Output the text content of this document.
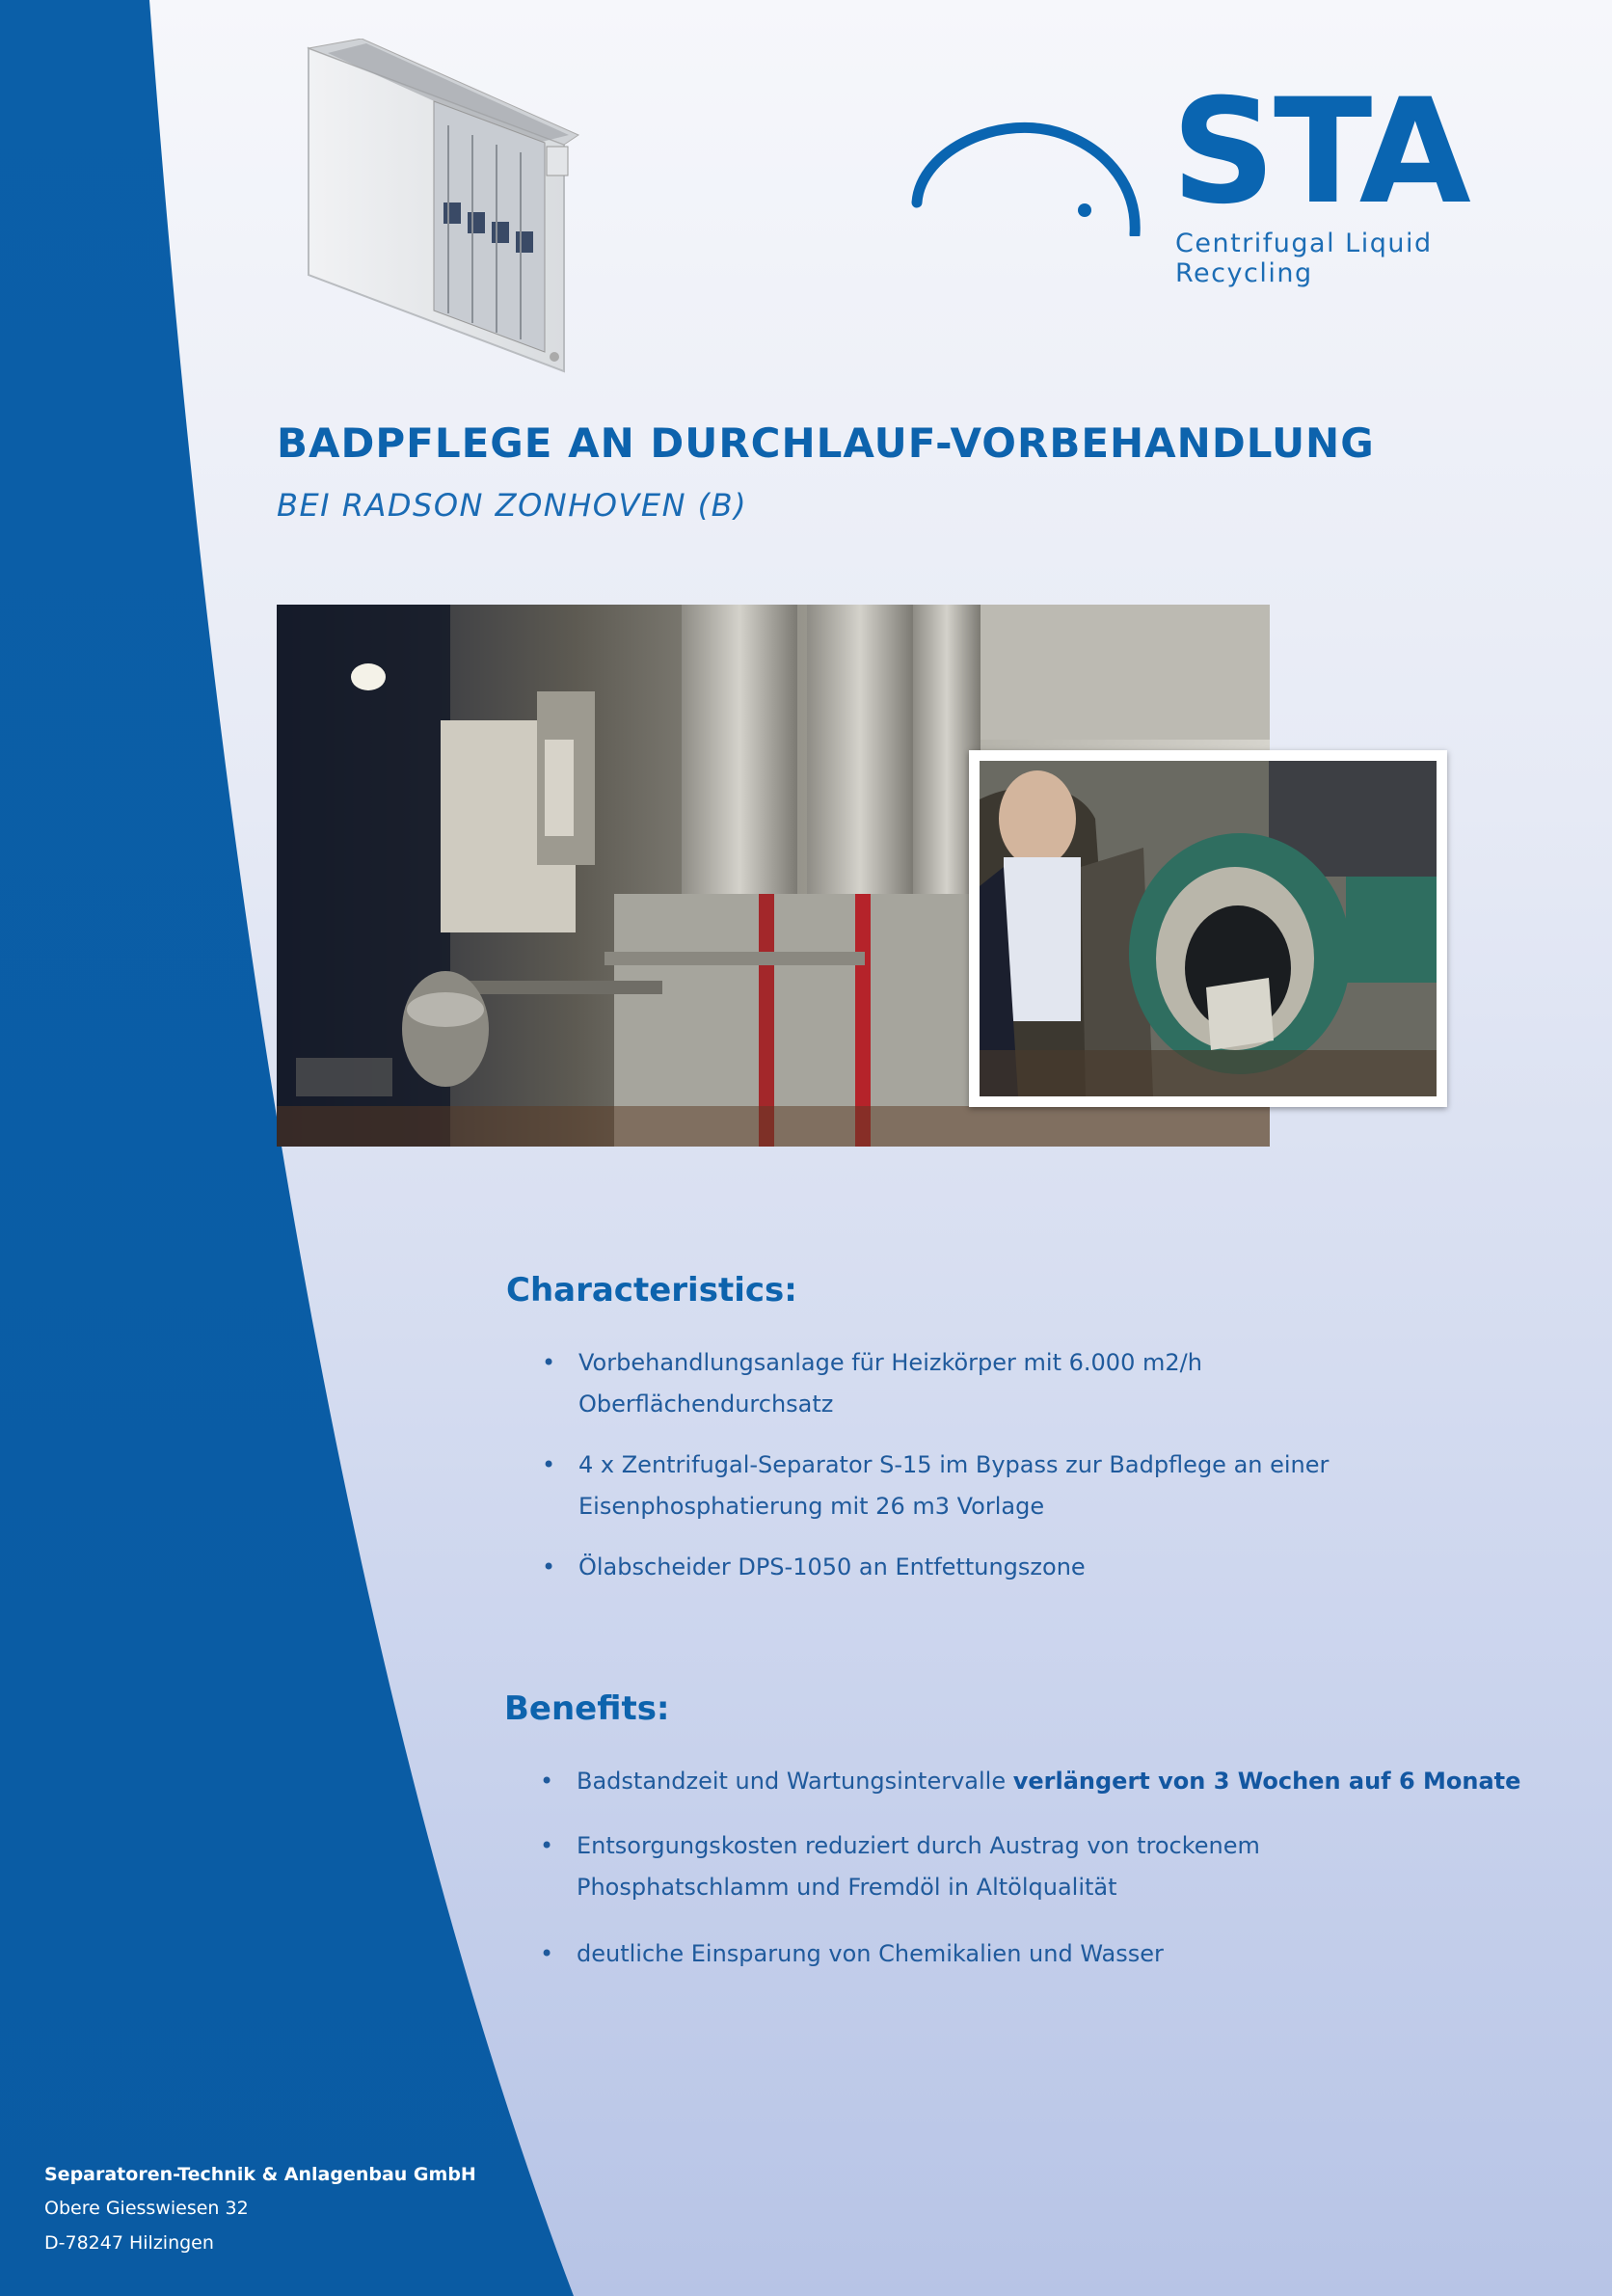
STA
Centrifugal Liquid Recycling
BADPFLEGE AN DURCHLAUF-VORBEHANDLUNG
BEI RADSON ZONHOVEN (B)
Characteristics:
• Vorbehandlungsanlage für Heizkörper mit 6.000 m2/h
Oberflächendurchsatz
• 4 x Zentrifugal-Separator S-15 im Bypass zur Badpflege an einer
Eisenphosphatierung mit 26 m3 Vorlage
• Ölabscheider DPS-1050 an Entfettungszone
Benefits:
• Badstandzeit und Wartungsintervalle verlängert von 3 Wochen auf 6 Monate
• Entsorgungskosten reduziert durch Austrag von trockenem
Phosphatschlamm und Fremdöl in Altölqualität
• deutliche Einsparung von Chemikalien und Wasser
Separatoren-Technik & Anlagenbau GmbH
Obere Giesswiesen 32
D-78247 Hilzingen
